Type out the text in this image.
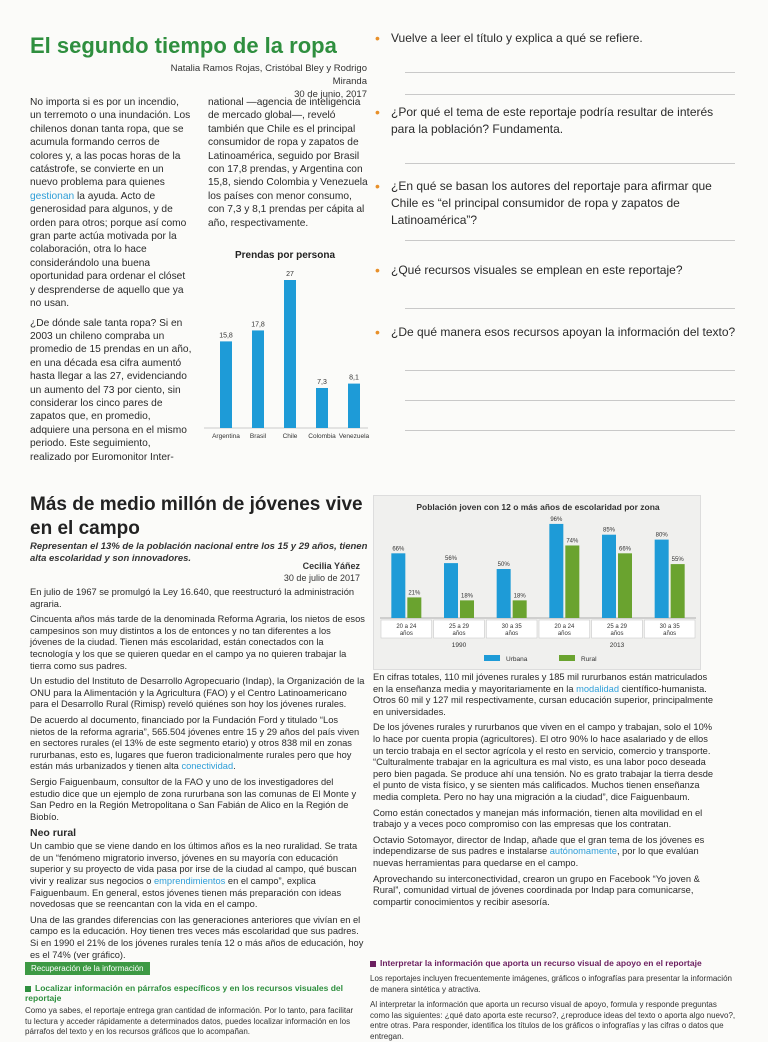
El segundo tiempo de la ropa
Natalia Ramos Rojas, Cristóbal Bley y Rodrigo Miranda
30 de junio, 2017

No importa si es por un incendio, un terremoto o una inundación. Los chilenos donan tanta ropa, que se acumula formando cerros de colores y, a las pocas horas de la catástrofe, se convierte en un nuevo problema para quienes gestionan la ayuda. Acto de generosidad para algunos, y de orden para otros; porque así como gran parte actúa motivada por la colaboración, otra lo hace considerándolo una buena oportunidad para ordenar el clóset y desprenderse de aquello que ya no usan.

¿De dónde sale tanta ropa? Si en 2003 un chileno compraba un promedio de 15 prendas en un año, en una década esa cifra aumentó hasta llegar a las 27, evidenciando un aumento del 73 por ciento, sin considerar los cinco pares de zapatos que, en promedio, adquiere una persona en el mismo periodo. Este seguimiento, realizado por Euromonitor Inter-

national —agencia de inteligencia de mercado global—, reveló también que Chile es el principal consumidor de ropa y zapatos de Latinoamérica, seguido por Brasil con 17,8 prendas, y Argentina con 15,8, siendo Colombia y Venezuela los países con menor consumo, con 7,3 y 8,1 prendas per cápita al año, respectivamente.

Prendas por persona
15,8
Argentina
17,8
Brasil
27
Chile
7,3
Colombia
8,1
Venezuela
• Vuelve a leer el título y explica a qué se refiere.
• ¿Por qué el tema de este reportaje podría resultar de interés para la población? Fundamenta.
• ¿En qué se basan los autores del reportaje para afirmar que Chile es “el principal consumidor de ropa y zapatos de Latinoamérica”?
• ¿Qué recursos visuales se emplean en este reportaje?
• ¿De qué manera esos recursos apoyan la información del texto?
Más de medio millón de jóvenes vive en el campo
Representan el 13% de la población nacional entre los 15 y 29 años, tienen alta escolaridad y son innovadores.
Cecilia Yáñez
30 de julio de 2017

En julio de 1967 se promulgó la Ley 16.640, que reestructuró la administración agraria.

Cincuenta años más tarde de la denominada Reforma Agraria, los nietos de esos campesinos son muy distintos a los de entonces y no tan diferentes a los jóvenes de la ciudad. Tienen más escolaridad, están conectados con la tecnología y los que se quieren quedar en el campo ya no quieren trabajar la tierra como sus padres.

Un estudio del Instituto de Desarrollo Agropecuario (Indap), la Organización de la ONU para la Alimentación y la Agricultura (FAO) y el Centro Latinoamericano para el Desarrollo Rural (Rimisp) reveló quiénes son hoy los jóvenes rurales.

De acuerdo al documento, financiado por la Fundación Ford y titulado “Los nietos de la reforma agraria”, 565.504 jóvenes entre 15 y 29 años del país viven en sectores rurales (el 13% de este segmento etario) y otros 838 mil en zonas rururbanas, esto es, lugares que fueron tradicionalmente rurales pero que hoy están más urbanizados y tienen alta conectividad.

Sergio Faiguenbaum, consultor de la FAO y uno de los investigadores del estudio dice que un ejemplo de zona rururbana son las comunas de El Monte y San Pedro en la Región Metropolitana o San Fabián de Alico en la Región de Biobío.

Neo rural

Un cambio que se viene dando en los últimos años es la neo ruralidad. Se trata de un “fenómeno migratorio inverso, jóvenes en su mayoría con educación superior y su proyecto de vida pasa por irse de la ciudad al campo, qué buscan vivir y realizar sus negocios o emprendimientos en el campo”, explica Faiguenbaum. En general, estos jóvenes tienen más preparación con ideas novedosas que se reencantan con la vida en el campo.

Una de las grandes diferencias con las generaciones anteriores que vivían en el campo es la educación. Hoy tienen tres veces más escolaridad que sus padres. Si en 1990 el 21% de los jóvenes rurales tenía 12 o más años de educación, hoy es el 74% (ver gráfico).

Población joven con 12 o más años de escolaridad por zona
66%
21%
20 a 24
años
56%
18%
25 a 29
años
50%
18%
30 a 35
años
96%
74%
20 a 24
años
85%
66%
25 a 29
años
80%
55%
30 a 35
años
1990	2013
Urbana	Rural

En cifras totales, 110 mil jóvenes rurales y 185 mil rururbanos están matriculados en la enseñanza media y mayoritariamente en la modalidad científico-humanista. Otros 60 mil y 127 mil respectivamente, cursan educación superior, principalmente en universidades.

De los jóvenes rurales y rururbanos que viven en el campo y trabajan, solo el 10% lo hace por cuenta propia (agricultores). El otro 90% lo hace asalariado y de ellos un tercio trabaja en el sector agrícola y el resto en servicio, comercio y transporte. “Culturalmente trabajar en la agricultura es mal visto, es una labor poco deseada pero bien pagada. Se produce ahí una tensión. No es grato trabajar la tierra desde el punto de vista físico, y se sienten más calificados. Muchos tienen enseñanza media completa. Pero no hay una migración a la ciudad”, dice Faiguenbaum.

Como están conectados y manejan más información, tienen alta movilidad en el trabajo y a veces poco compromiso con las empresas que los contratan.

Octavio Sotomayor, director de Indap, añade que el gran tema de los jóvenes es independizarse de sus padres e instalarse autónomamente, por lo que evalúan nuevas herramientas para quedarse en el campo.

Aprovechando su interconectividad, crearon un grupo en Facebook “Yo joven & Rural”, comunidad virtual de jóvenes coordinada por Indap para comunicarse, compartir conocimientos y recibir asesoría.

Recuperación de la información
Localizar información en párrafos específicos y en los recursos visuales del reportaje
Como ya sabes, el reportaje entrega gran cantidad de información. Por lo tanto, para facilitar tu lectura y acceder rápidamente a determinados datos, puedes localizar información en los párrafos del texto y en los recursos gráficos que lo acompañan.
Interpretar la información que aporta un recurso visual de apoyo en el reportaje
Los reportajes incluyen frecuentemente imágenes, gráficos o infografías para presentar la información de manera sintética y atractiva.
Al interpretar la información que aporta un recurso visual de apoyo, formula y responde preguntas como las siguientes: ¿qué dato aporta este recurso?, ¿reproduce ideas del texto o aporta algo nuevo?, entre otras. Para responder, identifica los títulos de los gráficos o infografías y las cifras o datos que entregan.
